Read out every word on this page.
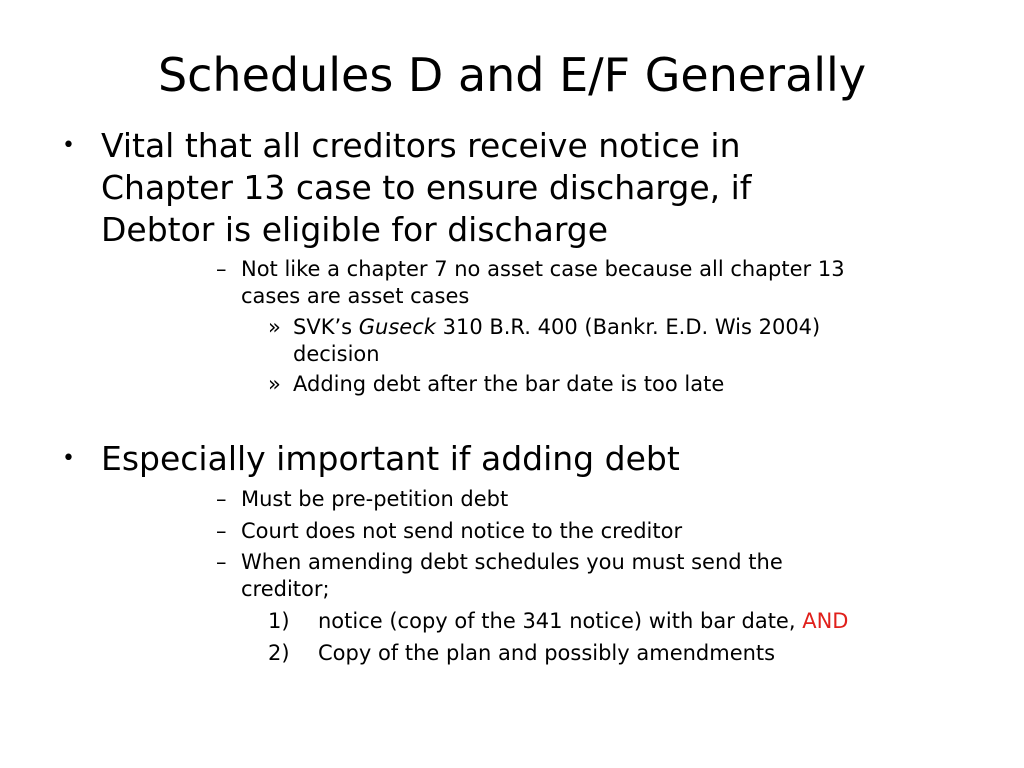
Schedules D and E/F Generally
• Vital that all creditors receive notice in
Chapter 13 case to ensure discharge, if
Debtor is eligible for discharge
– Not like a chapter 7 no asset case because all chapter 13
cases are asset cases
» SVK’s Guseck 310 B.R. 400 (Bankr. E.D. Wis 2004)
decision
» Adding debt after the bar date is too late
• Especially important if adding debt
– Must be pre-petition debt
– Court does not send notice to the creditor
– When amending debt schedules you must send the
creditor;
1) notice (copy of the 341 notice) with bar date, AND
2) Copy of the plan and possibly amendments
